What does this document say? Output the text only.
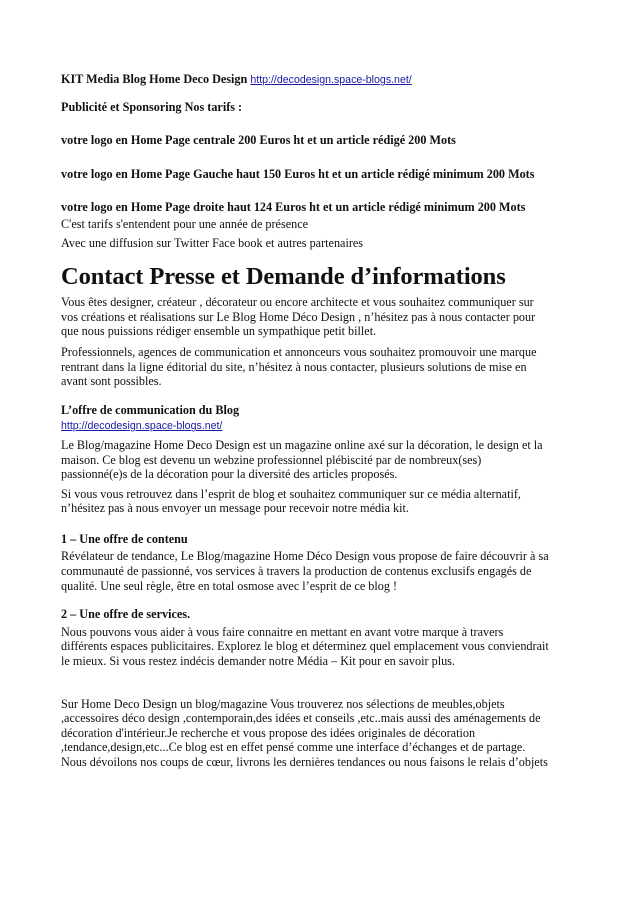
KIT Media Blog Home Deco Design http://decodesign.space-blogs.net/

Publicité et Sponsoring Nos tarifs :

votre logo en Home Page centrale 200 Euros ht et un article rédigé 200 Mots

votre logo en Home Page Gauche haut 150 Euros ht et un article rédigé minimum 200 Mots

votre logo en Home Page droite haut 124 Euros ht et un article rédigé minimum 200 Mots

C'est tarifs s'entendent pour une année de présence

Avec une diffusion sur Twitter Face book et autres partenaires

Contact Presse et Demande d’informations
Vous êtes designer, créateur , décorateur ou encore architecte et vous souhaitez communiquer sur
vos créations et réalisations sur Le Blog Home Déco Design , n’hésitez pas à nous contacter pour
que nous puissions rédiger ensemble un sympathique petit billet.
Professionnels, agences de communication et annonceurs vous souhaitez promouvoir une marque
rentrant dans la ligne éditorial du site, n’hésitez à nous contacter, plusieurs solutions de mise en
avant sont possibles.

L’offre de communication du Blog

http://decodesign.space-blogs.net/

Le Blog/magazine Home Deco Design est un magazine online axé sur la décoration, le design et la
maison. Ce blog est devenu un webzine professionnel plébiscité par de nombreux(ses)
passionné(e)s de la décoration pour la diversité des articles proposés.
Si vous vous retrouvez dans l’esprit de blog et souhaitez communiquer sur ce média alternatif,
n’hésitez pas à nous envoyer un message pour recevoir notre média kit.

1 – Une offre de contenu

Révélateur de tendance, Le Blog/magazine Home Déco Design vous propose de faire découvrir à sa
communauté de passionné, vos services à travers la production de contenus exclusifs engagés de
qualité. Une seul règle, être en total osmose avec l’esprit de ce blog !

2 – Une offre de services.

Nous pouvons vous aider à vous faire connaitre en mettant en avant votre marque à travers
différents espaces publicitaires. Explorez le blog et déterminez quel emplacement vous conviendrait
le mieux. Si vous restez indécis demander notre Média – Kit pour en savoir plus.
Sur Home Deco Design un blog/magazine Vous trouverez nos sélections de meubles,objets
,accessoires déco design ,contemporain,des idées et conseils ,etc..mais aussi des aménagements de
décoration d'intérieur.Je recherche et vous propose des idées originales de décoration
,tendance,design,etc...Ce blog est en effet pensé comme une interface d’échanges et de partage.
Nous dévoilons nos coups de cœur, livrons les dernières tendances ou nous faisons le relais d’objets
